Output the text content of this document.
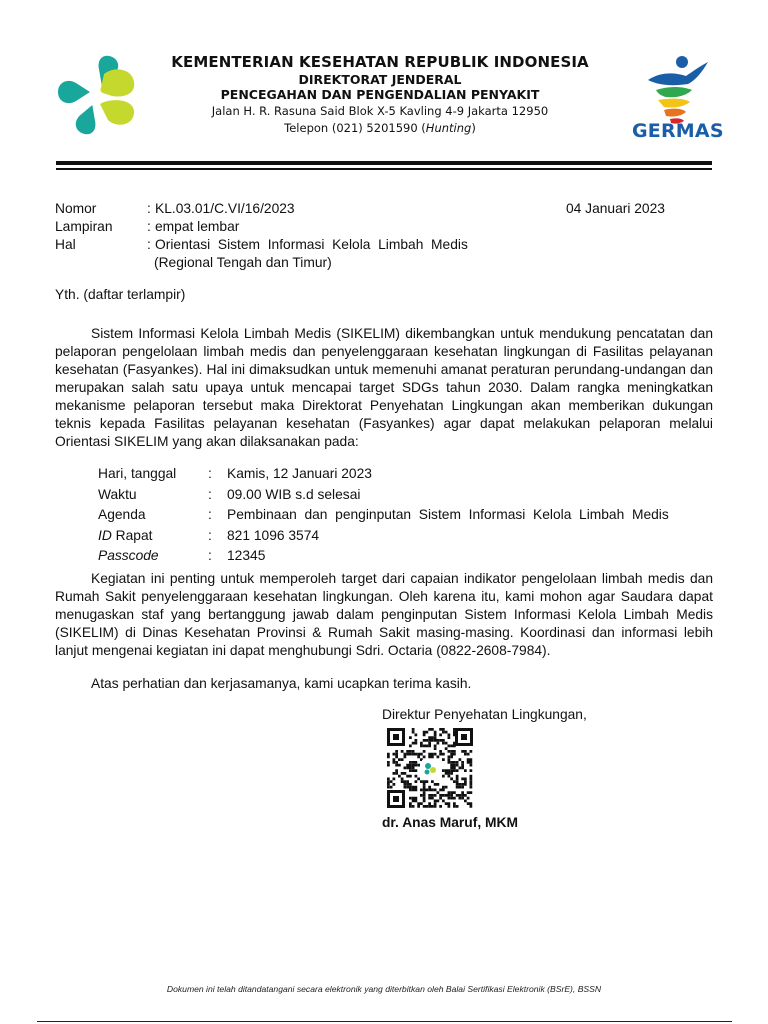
KEMENTERIAN KESEHATAN REPUBLIK INDONESIA
DIREKTORAT JENDERAL
PENCEGAHAN DAN PENGENDALIAN PENYAKIT
Jalan H. R. Rasuna Said Blok X-5 Kavling 4-9 Jakarta 12950
Telepon (021) 5201590 (Hunting)	GERMAS
Nomor	: KL.03.01/C.VI/16/2023	04 Januari 2023
Lampiran : empat lembar
Hal	: Orientasi  Sistem  Informasi  Kelola  Limbah  Medis
(Regional Tengah dan Timur)
Yth. (daftar terlampir)
Sistem Informasi Kelola Limbah Medis (SIKELIM) dikembangkan untuk mendukung pencatatan dan pelaporan pengelolaan limbah medis dan penyelenggaraan kesehatan lingkungan di Fasilitas pelayanan kesehatan (Fasyankes). Hal ini dimaksudkan untuk memenuhi amanat peraturan perundang-undangan dan merupakan salah satu upaya untuk mencapai target SDGs tahun 2030. Dalam rangka meningkatkan mekanisme pelaporan tersebut maka Direktorat Penyehatan Lingkungan akan memberikan dukungan teknis kepada Fasilitas pelayanan kesehatan (Fasyankes) agar dapat melakukan pelaporan melalui Orientasi SIKELIM yang akan dilaksanakan pada:
Hari, tanggal : Kamis, 12 Januari 2023
Waktu	: 09.00 WIB s.d selesai
Agenda	: Pembinaan  dan  penginputan  Sistem  Informasi  Kelola  Limbah  Medis
ID Rapat	: 821 1096 3574
Passcode	: 12345
Kegiatan ini penting untuk memperoleh target dari capaian indikator pengelolaan limbah medis dan Rumah Sakit penyelenggaraan kesehatan lingkungan. Oleh karena itu, kami mohon agar Saudara dapat menugaskan staf yang bertanggung jawab dalam penginputan Sistem Informasi Kelola Limbah Medis (SIKELIM) di Dinas Kesehatan Provinsi & Rumah Sakit masing-masing. Koordinasi dan informasi lebih lanjut mengenai kegiatan ini dapat menghubungi Sdri. Octaria (0822-2608-7984).
Atas perhatian dan kerjasamanya, kami ucapkan terima kasih.
Direktur Penyehatan Lingkungan,
dr. Anas Maruf, MKM
Dokumen ini telah ditandatangani secara elektronik yang diterbitkan oleh Balai Sertifikasi Elektronik (BSrE), BSSN
